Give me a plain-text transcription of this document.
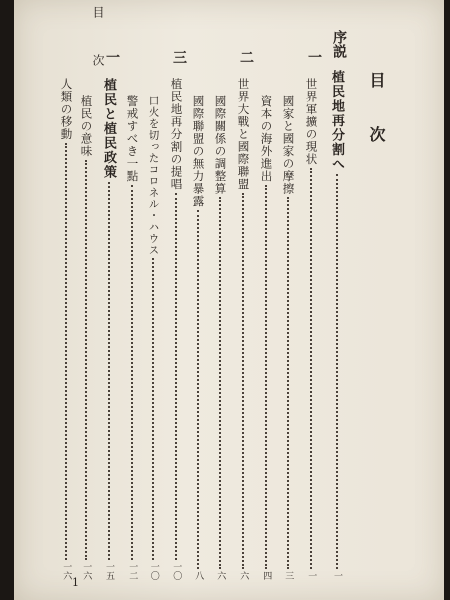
目次
目次	序説
植民地再分割へ
一
一
世界軍擴の現状
一
國家と國家の摩擦
三
資本の海外進出
四
二
世界大戰と國際聯盟
六
國際關係の調整算
六
國際聯盟の無力暴露
八
三
植民地再分割の提唱
一〇
口火を切ったコロネル・ハウス
一〇
警戒すべき一點
一二
一
植民と植民政策
一五
植民の意味
一六
人類の移動
一六
1
